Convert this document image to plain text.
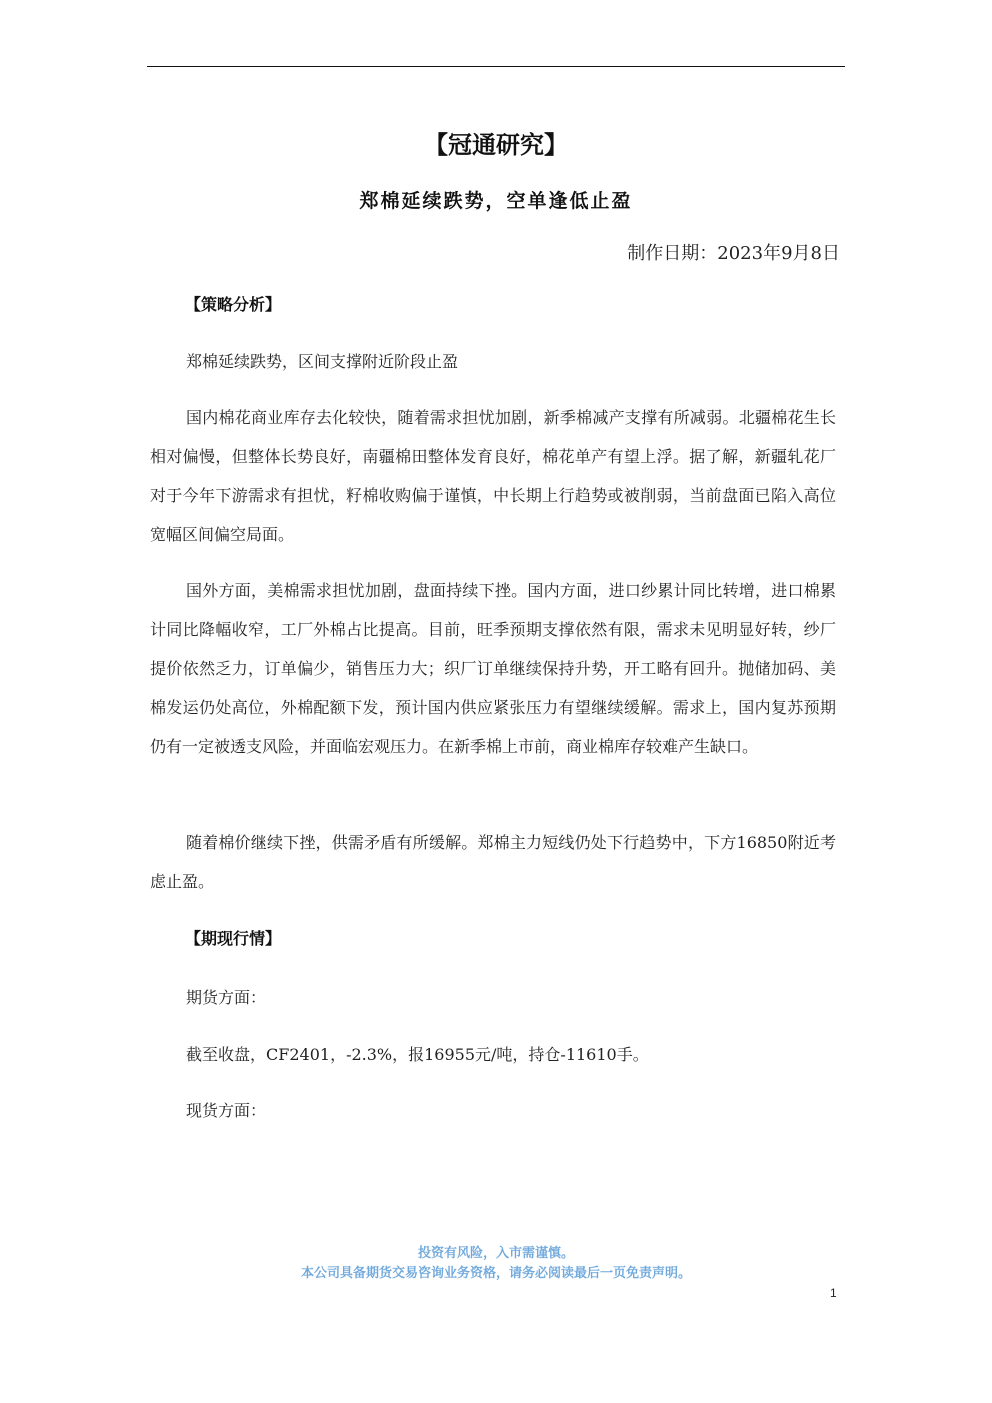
【冠通研究】
郑棉延续跌势，空单逢低止盈
制作日期：2023年9月8日
【策略分析】

郑棉延续跌势，区间支撑附近阶段止盈

国内棉花商业库存去化较快，随着需求担忧加剧，新季棉减产支撑有所减弱。北疆棉花生长相对偏慢，但整体长势良好，南疆棉田整体发育良好，棉花单产有望上浮。据了解，新疆轧花厂对于今年下游需求有担忧，籽棉收购偏于谨慎，中长期上行趋势或被削弱，当前盘面已陷入高位宽幅区间偏空局面。

国外方面，美棉需求担忧加剧，盘面持续下挫。国内方面，进口纱累计同比转增，进口棉累计同比降幅收窄，工厂外棉占比提高。目前，旺季预期支撑依然有限，需求未见明显好转，纱厂提价依然乏力，订单偏少，销售压力大；织厂订单继续保持升势，开工略有回升。抛储加码、美棉发运仍处高位，外棉配额下发，预计国内供应紧张压力有望继续缓解。需求上，国内复苏预期仍有一定被透支风险，并面临宏观压力。在新季棉上市前，商业棉库存较难产生缺口。

随着棉价继续下挫，供需矛盾有所缓解。郑棉主力短线仍处下行趋势中，下方16850附近考虑止盈。

【期现行情】

期货方面：

截至收盘，CF2401，-2.3%，报16955元/吨，持仓-11610手。

现货方面：

投资有风险，入市需谨慎。
本公司具备期货交易咨询业务资格，请务必阅读最后一页免责声明。
1
